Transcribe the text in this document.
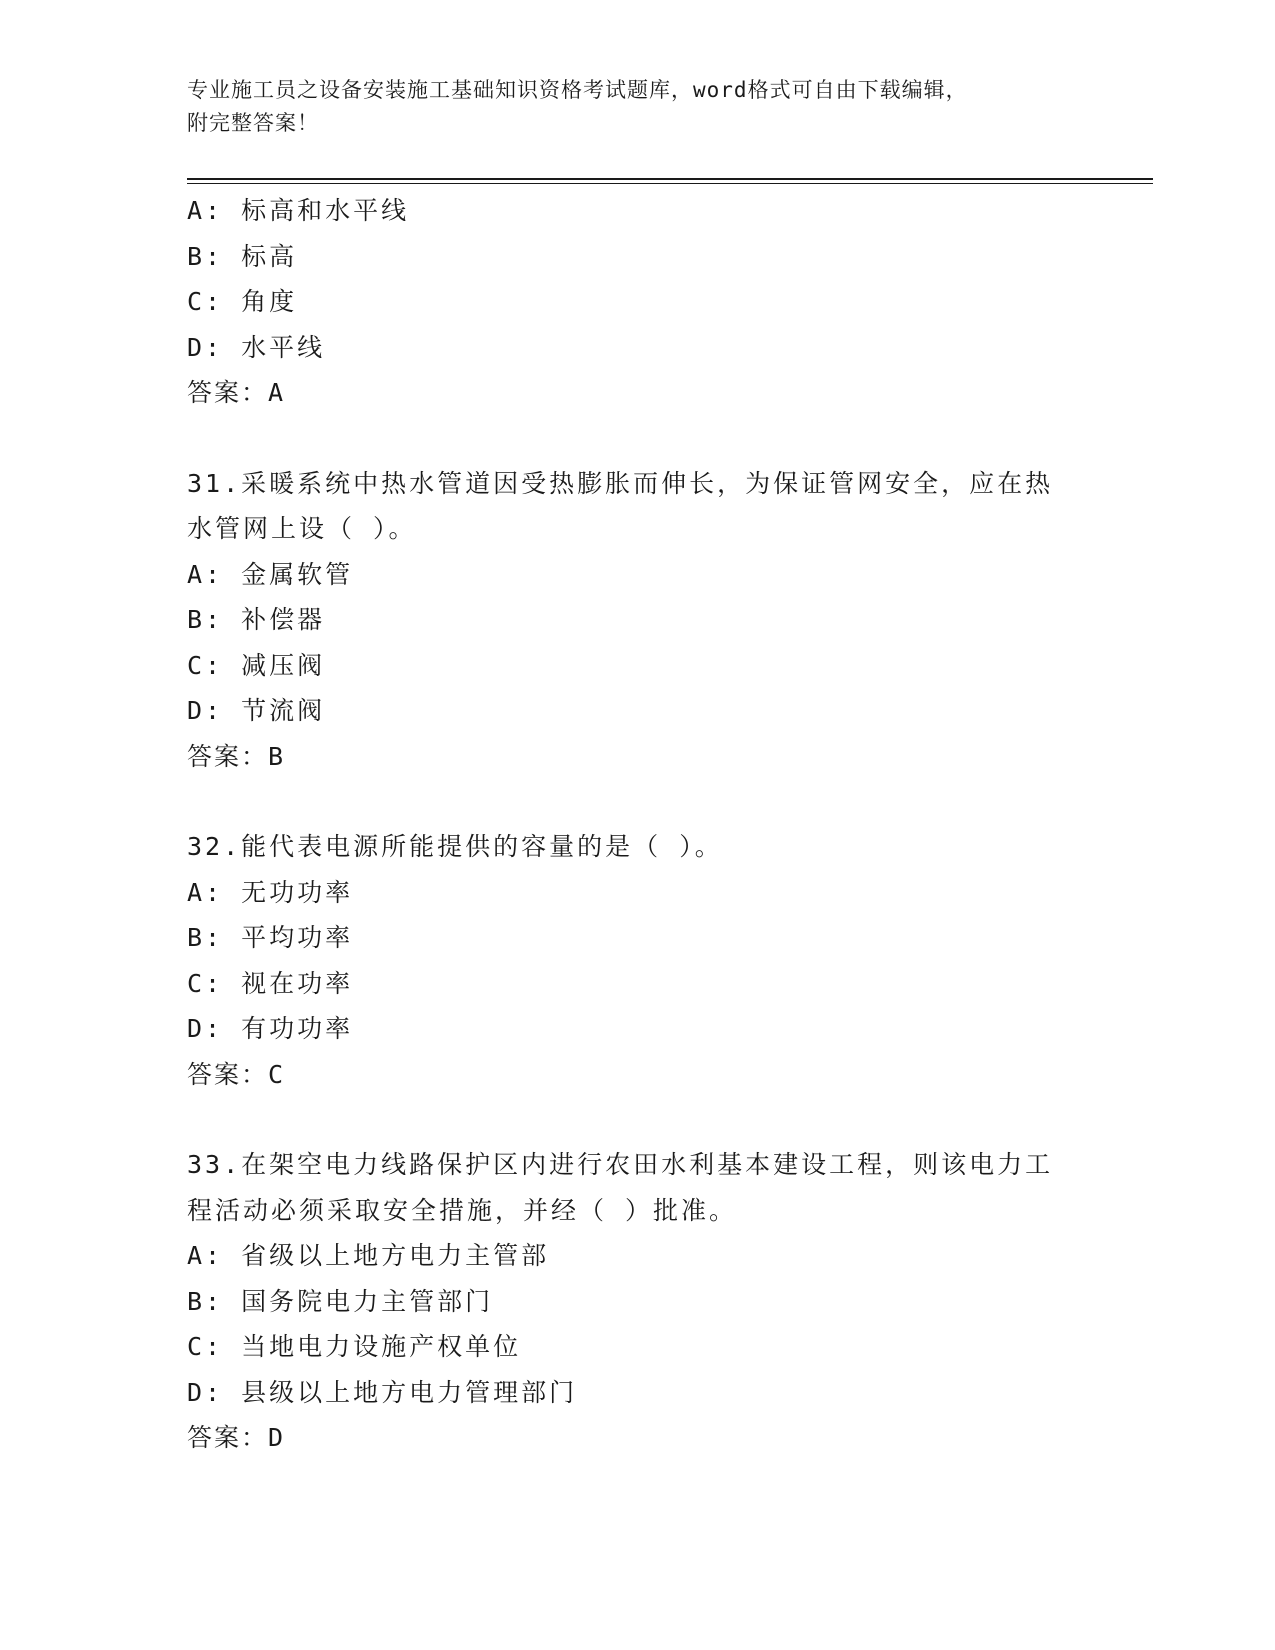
专业施工员之设备安装施工基础知识资格考试题库，word格式可自由下载编辑，
附完整答案！
A: 标高和水平线
B: 标高
C: 角度
D: 水平线
答案：A
31.采暖系统中热水管道因受热膨胀而伸长，为保证管网安全，应在热水管网上设（ ）。
A: 金属软管
B: 补偿器
C: 减压阀
D: 节流阀
答案：B
32.能代表电源所能提供的容量的是（ ）。
A: 无功功率
B: 平均功率
C: 视在功率
D: 有功功率
答案：C
33.在架空电力线路保护区内进行农田水利基本建设工程，则该电力工程活动必须采取安全措施，并经（ ）批准。
A: 省级以上地方电力主管部
B: 国务院电力主管部门
C: 当地电力设施产权单位
D: 县级以上地方电力管理部门
答案：D
